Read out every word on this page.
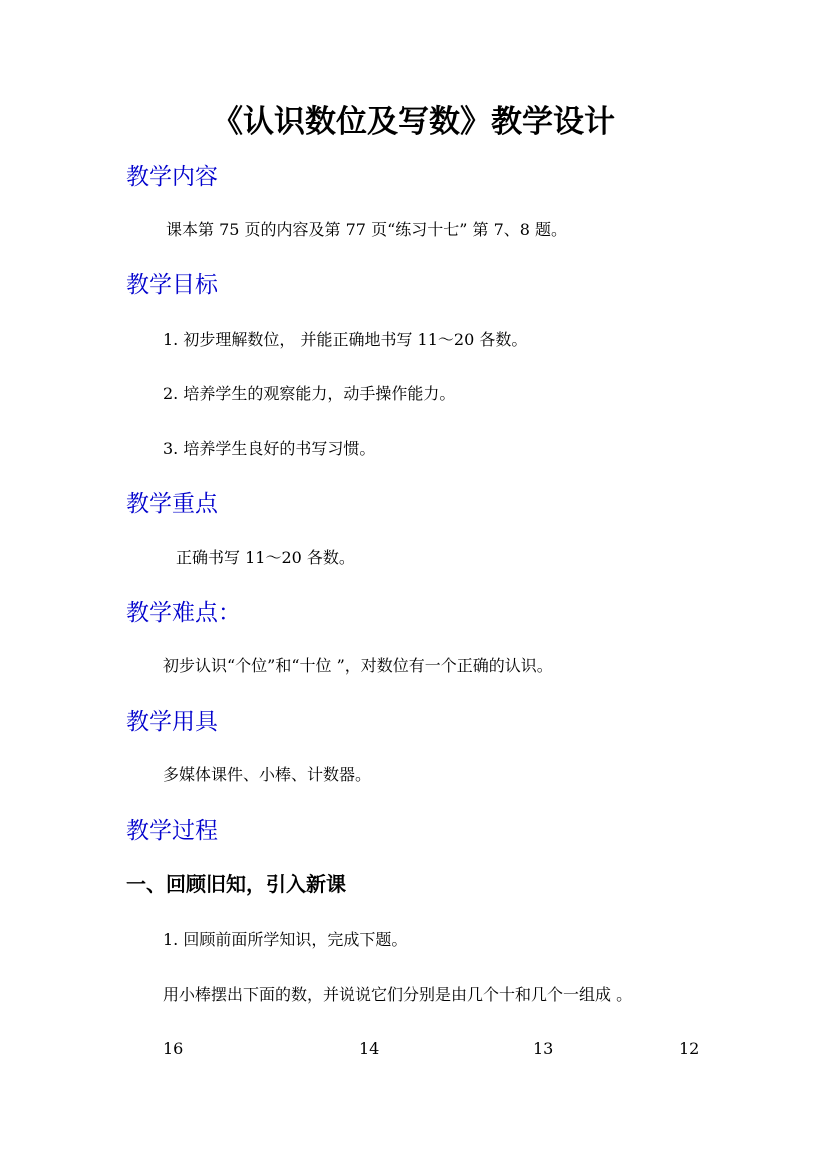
《认识数位及写数》教学设计
教学内容

课本第 75 页的内容及第 77 页“练习十七” 第 7、8 题。

教学目标

1. 初步理解数位， 并能正确地书写 11～20 各数。

2. 培养学生的观察能力，动手操作能力。

3. 培养学生良好的书写习惯。

教学重点

正确书写 11～20 各数。

教学难点：

初步认识“个位”和“十位 ”，对数位有一个正确的认识。

教学用具

多媒体课件、小棒、计数器。

教学过程
一、回顾旧知，引入新课

1. 回顾前面所学知识，完成下题。

用小棒摆出下面的数，并说说它们分别是由几个十和几个一组成 。

16	14	13	12
